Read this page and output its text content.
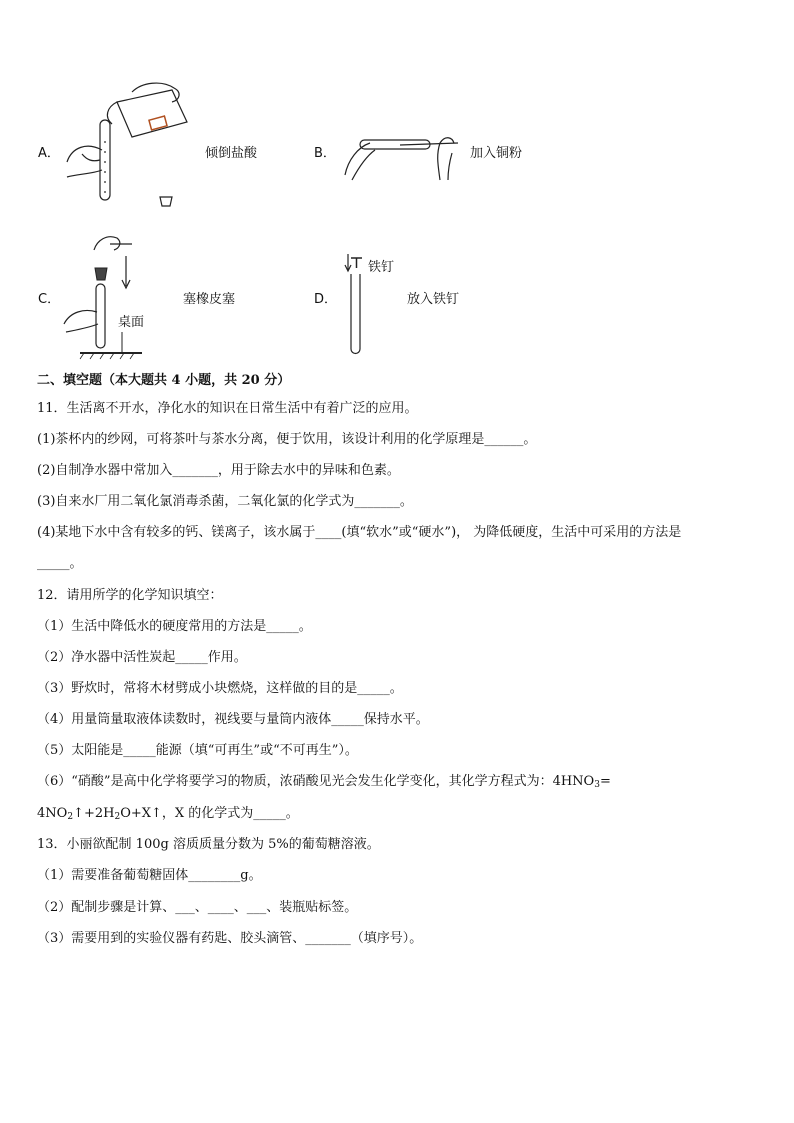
A．	倾倒盐酸	B．	加入铜粉
C．
桌面
塞橡皮塞	D．
铁钉
放入铁钉
二、填空题（本大题共 4 小题，共 20 分）
11．生活离不开水，净化水的知识在日常生活中有着广泛的应用。
(1)茶杯内的纱网，可将茶叶与茶水分离，便于饮用，该设计利用的化学原理是______。
(2)自制净水器中常加入_______，用于除去水中的异味和色素。
(3)自来水厂用二氧化氯消毒杀菌，二氧化氯的化学式为_______。
(4)某地下水中含有较多的钙、镁离子，该水属于____(填“软水”或“硬水”)， 为降低硬度，生活中可采用的方法是
_____。
12．请用所学的化学知识填空：
（1）生活中降低水的硬度常用的方法是_____。
（2）净水器中活性炭起_____作用。
（3）野炊时，常将木材劈成小块燃烧，这样做的目的是_____。
（4）用量筒量取液体读数时，视线要与量筒内液体_____保持水平。
（5）太阳能是_____能源（填“可再生”或“不可再生”）。
（6）“硝酸”是高中化学将要学习的物质，浓硝酸见光会发生化学变化，其化学方程式为：$4HNO_3=$
$4NO_2↑+2H_2O+X↑$，X 的化学式为_____。
13．小丽欲配制 100g 溶质质量分数为 5%的葡萄糖溶液。
（1）需要准备葡萄糖固体________g。
（2）配制步骤是计算、___、____、___、装瓶贴标签。
（3）需要用到的实验仪器有药匙、胶头滴管、_______（填序号）。
